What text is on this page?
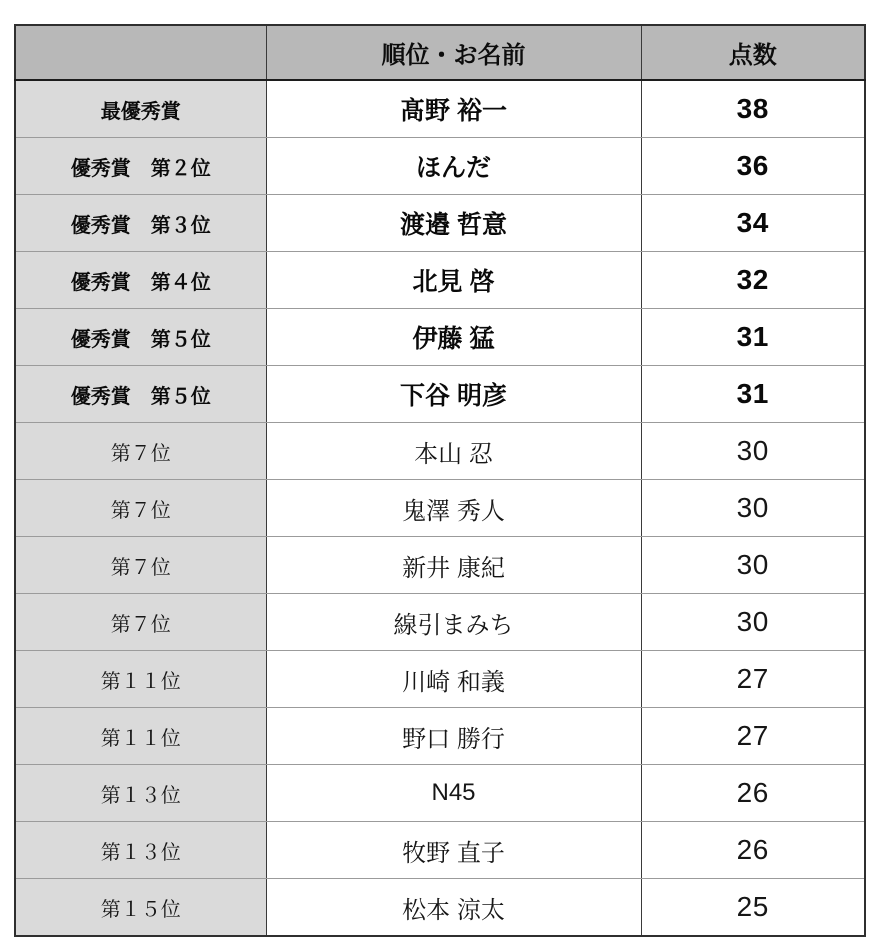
	順位・お名前	点数
最優秀賞	髙野 裕一	38
優秀賞　第２位	ほんだ	36
優秀賞　第３位	渡邉 哲意	34
優秀賞　第４位	北見 啓	32
優秀賞　第５位	伊藤 猛	31
優秀賞　第５位	下谷 明彦	31
第７位	本山 忍	30
第７位	鬼澤 秀人	30
第７位	新井 康紀	30
第７位	線引まみち	30
第１１位	川崎 和義	27
第１１位	野口 勝行	27
第１３位	N45	26
第１３位	牧野 直子	26
第１５位	松本 涼太	25
